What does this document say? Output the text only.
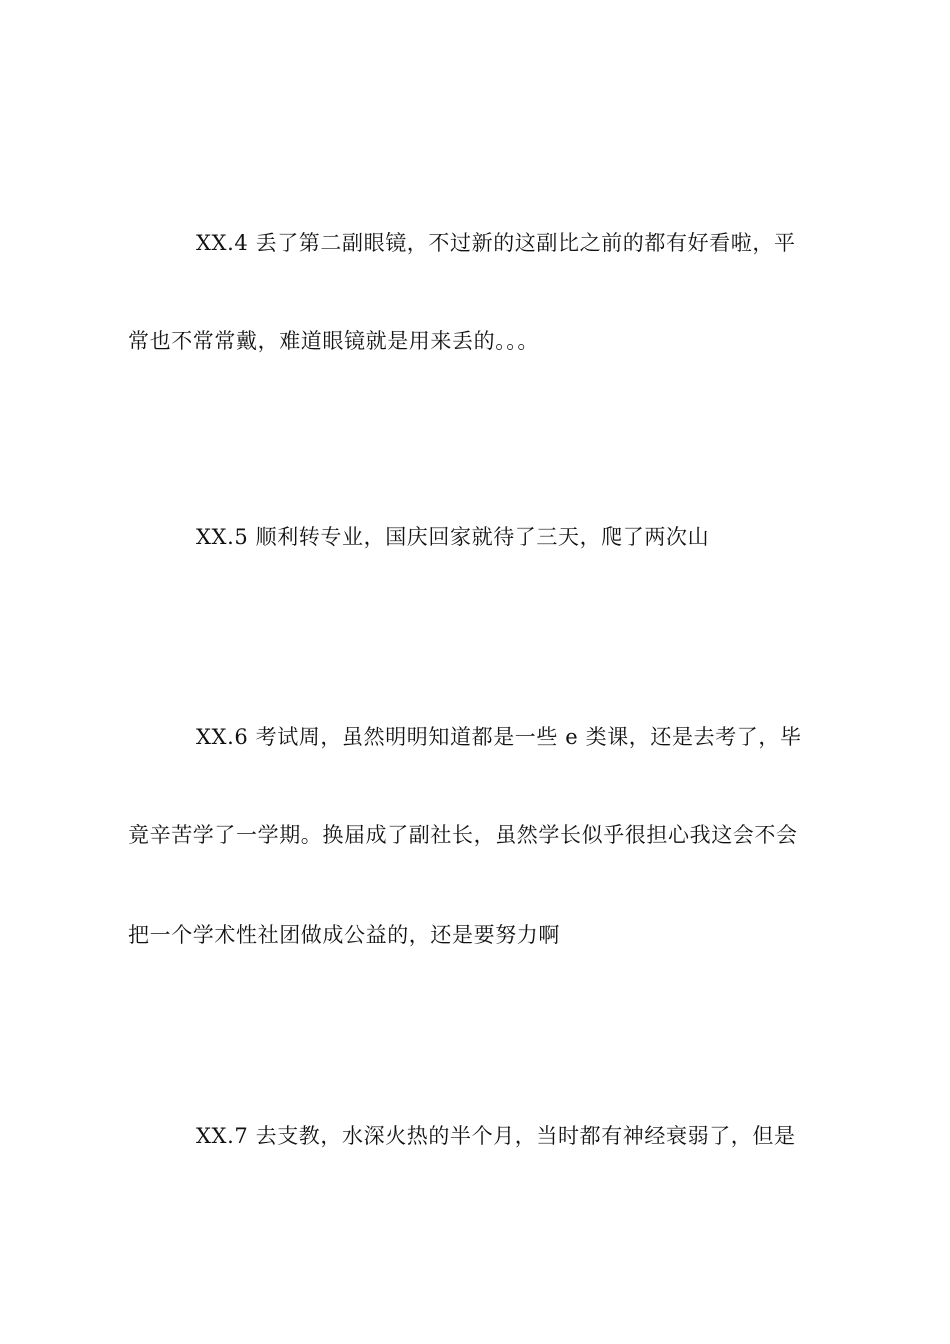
XX.4 丢了第二副眼镜，不过新的这副比之前的都有好看啦，平
常也不常常戴，难道眼镜就是用来丢的。。。
XX.5 顺利转专业，国庆回家就待了三天，爬了两次山
XX.6 考试周，虽然明明知道都是一些 e 类课，还是去考了，毕
竟辛苦学了一学期。换届成了副社长，虽然学长似乎很担心我这会不会
把一个学术性社团做成公益的，还是要努力啊
XX.7 去支教，水深火热的半个月，当时都有神经衰弱了，但是
